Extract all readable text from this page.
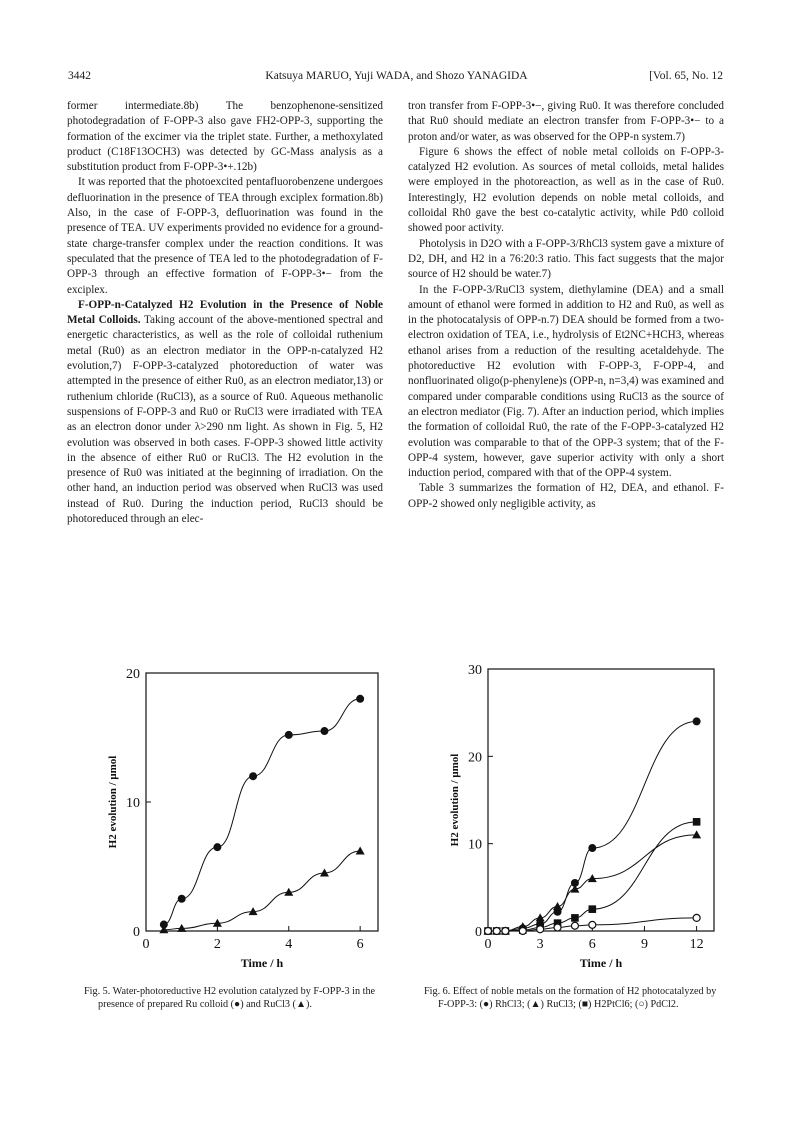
3442	Katsuya MARUO, Yuji WADA, and Shozo YANAGIDA	[Vol. 65, No. 12

former intermediate.8b) The benzophenone-sensitized photodegradation of F-OPP-3 also gave FH2-OPP-3, supporting the formation of the excimer via the triplet state. Further, a methoxylated product (C18F13OCH3) was detected by GC-Mass analysis as a substitution product from F-OPP-3•+.12b)

It was reported that the photoexcited pentafluorobenzene undergoes defluorination in the presence of TEA through exciplex formation.8b) Also, in the case of F-OPP-3, defluorination was found in the presence of TEA. UV experiments provided no evidence for a ground-state charge-transfer complex under the reaction conditions. It was speculated that the presence of TEA led to the photodegradation of F-OPP-3 through an effective formation of F-OPP-3•− from the exciplex.

F-OPP-n-Catalyzed H2 Evolution in the Presence of Noble Metal Colloids. Taking account of the above-mentioned spectral and energetic characteristics, as well as the role of colloidal ruthenium metal (Ru0) as an electron mediator in the OPP-n-catalyzed H2 evolution,7) F-OPP-3-catalyzed photoreduction of water was attempted in the presence of either Ru0, as an electron mediator,13) or ruthenium chloride (RuCl3), as a source of Ru0. Aqueous methanolic suspensions of F-OPP-3 and Ru0 or RuCl3 were irradiated with TEA as an electron donor under λ>290 nm light. As shown in Fig. 5, H2 evolution was observed in both cases. F-OPP-3 showed little activity in the absence of either Ru0 or RuCl3. The H2 evolution in the presence of Ru0 was initiated at the beginning of irradiation. On the other hand, an induction period was observed when RuCl3 was used instead of Ru0. During the induction period, RuCl3 should be photoreduced through an elec-

tron transfer from F-OPP-3•−, giving Ru0. It was therefore concluded that Ru0 should mediate an electron transfer from F-OPP-3•− to a proton and/or water, as was observed for the OPP-n system.7)

Figure 6 shows the effect of noble metal colloids on F-OPP-3-catalyzed H2 evolution. As sources of metal colloids, metal halides were employed in the photoreaction, as well as in the case of Ru0. Interestingly, H2 evolution depends on noble metal colloids, and colloidal Rh0 gave the best co-catalytic activity, while Pd0 colloid showed poor activity.

Photolysis in D2O with a F-OPP-3/RhCl3 system gave a mixture of D2, DH, and H2 in a 76:20:3 ratio. This fact suggests that the major source of H2 should be water.7)

In the F-OPP-3/RuCl3 system, diethylamine (DEA) and a small amount of ethanol were formed in addition to H2 and Ru0, as well as in the photocatalysis of OPP-n.7) DEA should be formed from a two-electron oxidation of TEA, i.e., hydrolysis of Et2NC+HCH3, whereas ethanol arises from a reduction of the resulting acetaldehyde. The photoreductive H2 evolution with F-OPP-3, F-OPP-4, and nonfluorinated oligo(p-phenylene)s (OPP-n, n=3,4) was examined and compared under comparable conditions using RuCl3 as the source of an electron mediator (Fig. 7). After an induction period, which implies the formation of colloidal Ru0, the rate of the F-OPP-3-catalyzed H2 evolution was comparable to that of the OPP-3 system; that of the F-OPP-4 system, however, gave superior activity with only a short induction period, compared with that of the OPP-4 system.

Table 3 summarizes the formation of H2, DEA, and ethanol. F-OPP-2 showed only negligible activity, as

0	2	4	6
0
10
20
Time / h
H2 evolution / μmol
0	3	6	9	12
0
10
20
30
Time / h
H2 evolution / μmol
Fig. 5. Water-photoreductive H2 evolution catalyzed by F-OPP-3 in the presence of prepared Ru colloid (●) and RuCl3 (▲).
Fig. 6. Effect of noble metals on the formation of H2 photocatalyzed by F-OPP-3: (●) RhCl3; (▲) RuCl3; (■) H2PtCl6; (○) PdCl2.
